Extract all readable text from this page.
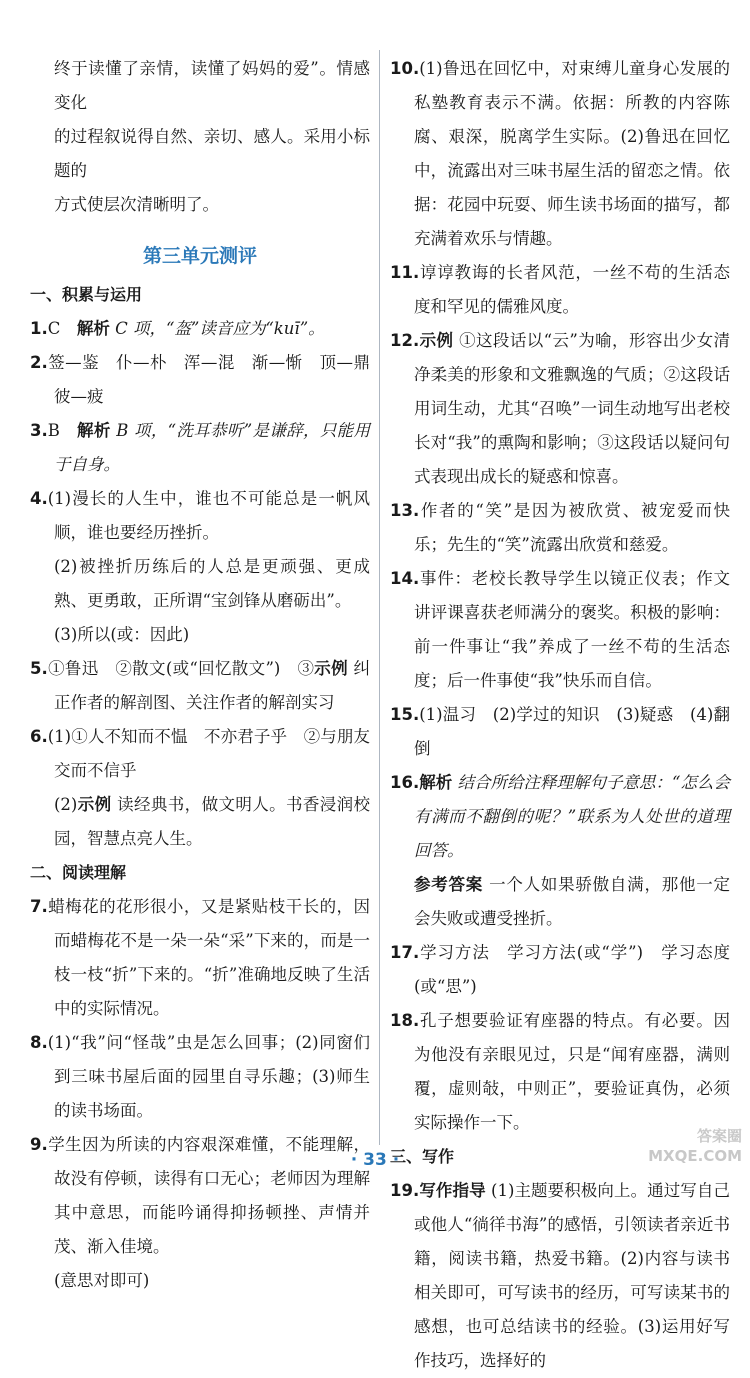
终于读懂了亲情，读懂了妈妈的爱”。情感变化

的过程叙说得自然、亲切、感人。采用小标题的

方式使层次清晰明了。

第三单元测评

一、积累与运用

1.C　解析 C 项，“盔”读音应为“kuī”。

2.签—鉴　仆—朴　浑—混　渐—惭　顶—鼎　彼—疲

3.B　解析 B 项，“洗耳恭听”是谦辞，只能用于自身。

4.(1)漫长的人生中，谁也不可能总是一帆风顺，谁也要经历挫折。

(2)被挫折历练后的人总是更顽强、更成熟、更勇敢，正所谓“宝剑锋从磨砺出”。

(3)所以(或：因此)

5.①鲁迅　②散文(或“回忆散文”)　③示例 纠正作者的解剖图、关注作者的解剖实习

6.(1)①人不知而不愠　不亦君子乎　②与朋友交而不信乎

(2)示例 读经典书，做文明人。书香浸润校园，智慧点亮人生。

二、阅读理解

7.蜡梅花的花形很小，又是紧贴枝干长的，因而蜡梅花不是一朵一朵“采”下来的，而是一枝一枝“折”下来的。“折”准确地反映了生活中的实际情况。

8.(1)“我”问“怪哉”虫是怎么回事；(2)同窗们到三味书屋后面的园里自寻乐趣；(3)师生的读书场面。

9.学生因为所读的内容艰深难懂，不能理解，故没有停顿，读得有口无心；老师因为理解其中意思，而能吟诵得抑扬顿挫、声情并茂、渐入佳境。

(意思对即可)

10.(1)鲁迅在回忆中，对束缚儿童身心发展的私塾教育表示不满。依据：所教的内容陈腐、艰深，脱离学生实际。(2)鲁迅在回忆中，流露出对三味书屋生活的留恋之情。依据：花园中玩耍、师生读书场面的描写，都充满着欢乐与情趣。

11.谆谆教诲的长者风范，一丝不苟的生活态度和罕见的儒雅风度。

12.示例 ①这段话以“云”为喻，形容出少女清净柔美的形象和文雅飘逸的气质；②这段话用词生动，尤其“召唤”一词生动地写出老校长对“我”的熏陶和影响；③这段话以疑问句式表现出成长的疑惑和惊喜。

13.作者的“笑”是因为被欣赏、被宠爱而快乐；先生的“笑”流露出欣赏和慈爱。

14.事件：老校长教导学生以镜正仪表；作文讲评课喜获老师满分的褒奖。积极的影响：前一件事让“我”养成了一丝不苟的生活态度；后一件事使“我”快乐而自信。

15.(1)温习　(2)学过的知识　(3)疑惑　(4)翻倒

16.解析 结合所给注释理解句子意思：“怎么会有满而不翻倒的呢？”联系为人处世的道理回答。

参考答案 一个人如果骄傲自满，那他一定会失败或遭受挫折。

17.学习方法　学习方法(或“学”)　学习态度(或“思”)

18.孔子想要验证宥座器的特点。有必要。因为他没有亲眼见过，只是“闻宥座器，满则覆，虚则敧，中则正”，要验证真伪，必须实际操作一下。

三、写作

19.写作指导 (1)主题要积极向上。通过写自己或他人“徜徉书海”的感悟，引领读者亲近书籍，阅读书籍，热爱书籍。(2)内容与读书相关即可，可写读书的经历，可写读某书的感想，也可总结读书的经验。(3)运用好写作技巧，选择好的

· 33 ·
答案圈 MXQE.COM
